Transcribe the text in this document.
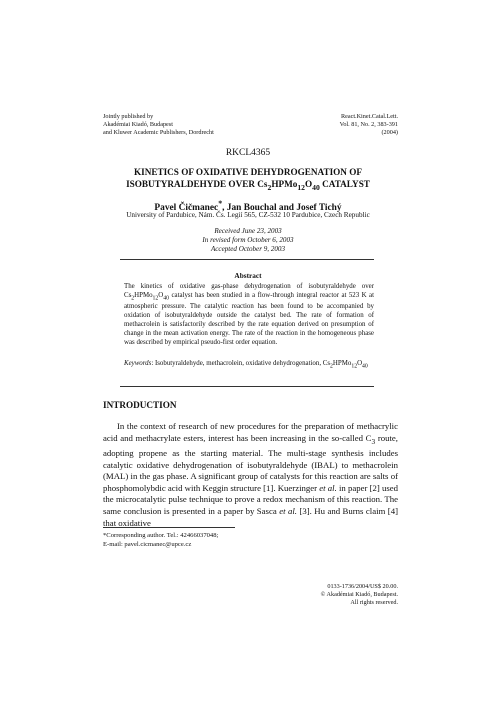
Jointly published by
Akadémiai Kiadó, Budapest
and Kluwer Academic Publishers, Dordrecht
React.Kinet.Catal.Lett.
Vol. 81, No. 2, 383-391
(2004)
RKCL4365
KINETICS OF OXIDATIVE DEHYDROGENATION OF
ISOBUTYRALDEHYDE OVER $Cs_2HPMo_{12}O_{40}$ CATALYST
Pavel Čičmanec*, Jan Bouchal and Josef Tichý
University of Pardubice, Nám. Čs. Legií 565, CZ-532 10 Pardubice, Czech Republic
Received June 23, 2003
In revised form October 6, 2003
Accepted October 9, 2003
Abstract
The kinetics of oxidative gas-phase dehydrogenation of isobutyraldehyde over $Cs_2HPMo_{12}O_{40}$ catalyst has been studied in a flow-through integral reactor at 523 K at atmospheric pressure. The catalytic reaction has been found to be accompanied by oxidation of isobutyraldehyde outside the catalyst bed. The rate of formation of methacrolein is satisfactorily described by the rate equation derived on presumption of change in the mean activation energy. The rate of the reaction in the homogeneous phase was described by empirical pseudo-first order equation.
Keywords: Isobutyraldehyde, methacrolein, oxidative dehydrogenation, $Cs_2HPMo_{12}O_{40}$
INTRODUCTION
In the context of research of new procedures for the preparation of methacrylic acid and methacrylate esters, interest has been increasing in the so-called $C_3$ route, adopting propene as the starting material. The multi-stage synthesis includes catalytic oxidative dehydrogenation of isobutyraldehyde (IBAL) to methacrolein (MAL) in the gas phase. A significant group of catalysts for this reaction are salts of phosphomolybdic acid with Keggin structure [1]. Kuerzinger et al. in paper [2] used the microcatalytic pulse technique to prove a redox mechanism of this reaction. The same conclusion is presented in a paper by Sasca et al. [3]. Hu and Burns claim [4] that oxidative
*Corresponding author. Tel.: 42466037048;
E-mail: pavel.cicmanec@upce.cz
0133-1736/2004/US$ 20.00.
© Akadémiai Kiadó, Budapest.
All rights reserved.
